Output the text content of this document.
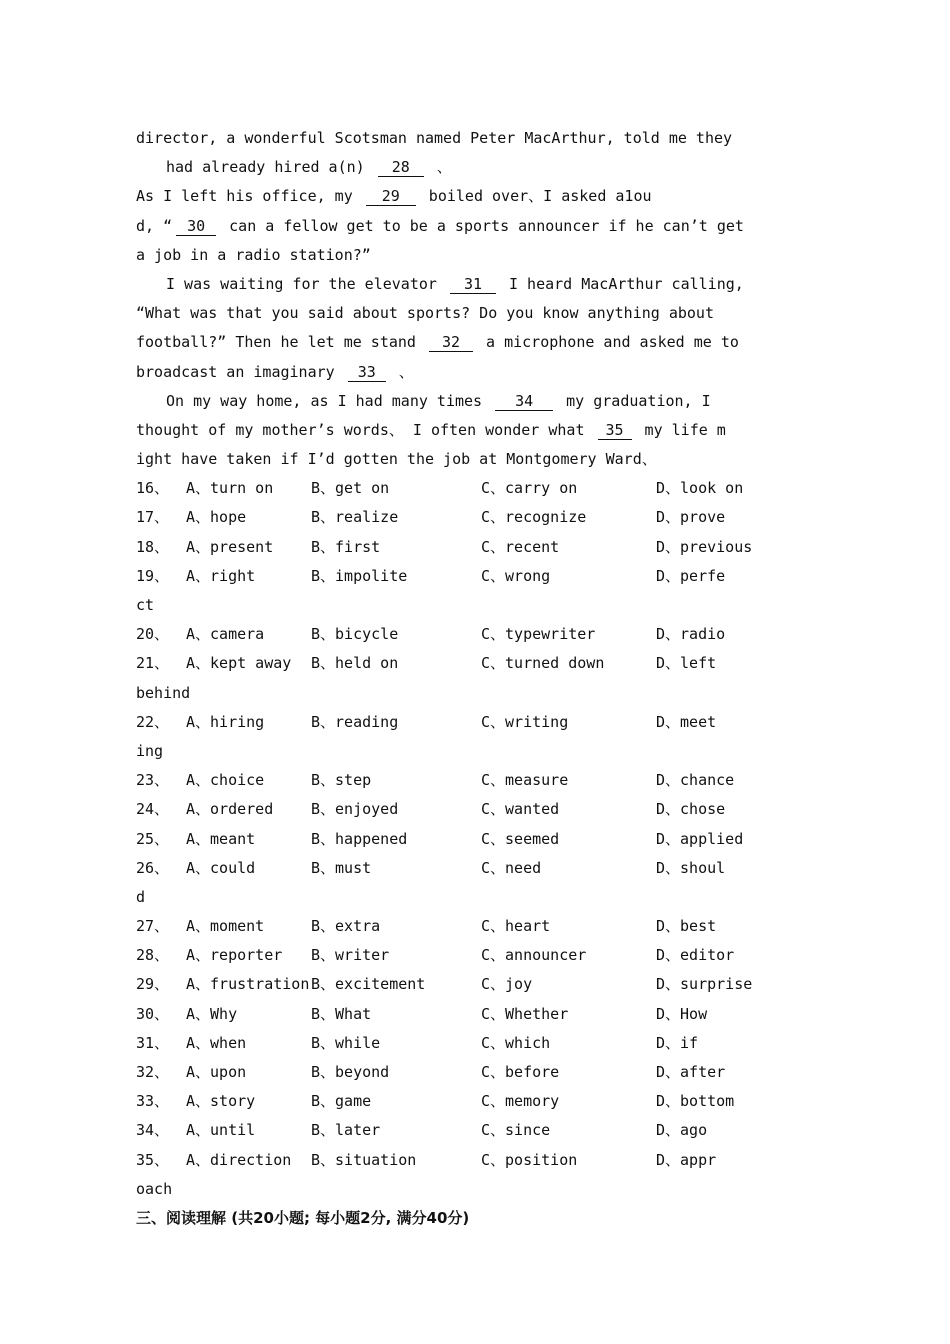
director, a wonderful Scotsman named Peter MacArthur, told me they
had already hired a(n) 28 、
As I left his office, my 29 boiled over、I asked a1ou
d, “ 30 can a fellow get to be a sports announcer if he can’t get
a job in a radio station?”
I was waiting for the elevator 31 I heard MacArthur calling,
“What was that you said about sports? Do you know anything about
football?” Then he let me stand 32 a microphone and asked me to
broadcast an imaginary 33 、
On my way home, as I had many times 34 my graduation, I
thought of my mother’s words、 I often wonder what 35 my life m
ight have taken if I’d gotten the job at Montgomery Ward、
16、	A、turn on	B、get on	C、carry on	D、look on
17、	A、hope	B、realize	C、recognize	D、prove
18、	A、present	B、first	C、recent	D、previous
19、	A、right	B、impolite	C、wrong	D、perfe
ct
20、	A、camera	B、bicycle	C、typewriter	D、radio
21、	A、kept away	B、held on	C、turned down	D、left
behind
22、	A、hiring	B、reading	C、writing	D、meet
ing
23、	A、choice	B、step	C、measure	D、chance
24、	A、ordered	B、enjoyed	C、wanted	D、chose
25、	A、meant	B、happened	C、seemed	D、applied
26、	A、could	B、must	C、need	D、shoul
d
27、	A、moment	B、extra	C、heart	D、best
28、	A、reporter	B、writer	C、announcer	D、editor
29、	A、frustration B、excitement	C、joy	D、surprise
30、	A、Why	B、What	C、Whether	D、How
31、	A、when	B、while	C、which	D、if
32、	A、upon	B、beyond	C、before	D、after
33、	A、story	B、game	C、memory	D、bottom
34、	A、until	B、later	C、since	D、ago
35、	A、direction	B、situation	C、position	D、appr
oach
三、阅读理解 (共20小题; 每小题2分, 满分40分)
